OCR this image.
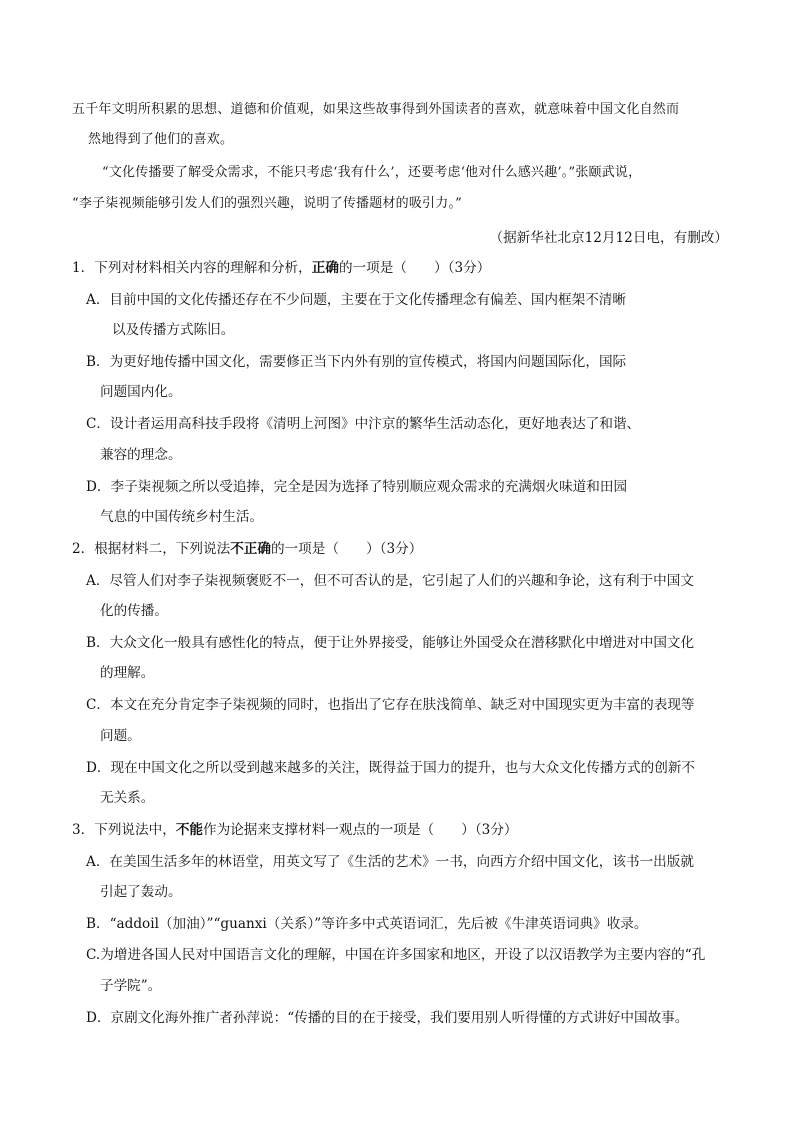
五千年文明所积累的思想、道德和价值观，如果这些故事得到外国读者的喜欢，就意味着中国文化自然而
然地得到了他们的喜欢。
“文化传播要了解受众需求，不能只考虑‘我有什么’，还要考虑‘他对什么感兴趣’。”张颐武说，
“李子柒视频能够引发人们的强烈兴趣，说明了传播题材的吸引力。”
（据新华社北京12月12日电，有删改）
1．下列对材料相关内容的理解和分析，正确的一项是（　　）（3分）
A．目前中国的文化传播还存在不少问题，主要在于文化传播理念有偏差、国内框架不清晰
以及传播方式陈旧。
B．为更好地传播中国文化，需要修正当下内外有别的宣传模式，将国内问题国际化，国际
问题国内化。
C．设计者运用高科技手段将《清明上河图》中汴京的繁华生活动态化，更好地表达了和谐、
兼容的理念。
D．李子柒视频之所以受追捧，完全是因为选择了特别顺应观众需求的充满烟火味道和田园
气息的中国传统乡村生活。
2．根据材料二，下列说法不正确的一项是（　　）（3分）
A．尽管人们对李子柒视频褒贬不一，但不可否认的是，它引起了人们的兴趣和争论，这有利于中国文
化的传播。
B．大众文化一般具有感性化的特点，便于让外界接受，能够让外国受众在潜移默化中增进对中国文化
的理解。
C．本文在充分肯定李子柒视频的同时，也指出了它存在肤浅简单、缺乏对中国现实更为丰富的表现等
问题。
D．现在中国文化之所以受到越来越多的关注，既得益于国力的提升，也与大众文化传播方式的创新不
无关系。
3．下列说法中，不能作为论据来支撑材料一观点的一项是（　　）（3分）
A．在美国生活多年的林语堂，用英文写了《生活的艺术》一书，向西方介绍中国文化，该书一出版就
引起了轰动。
B．“addoil（加油）”“guanxi（关系）”等许多中式英语词汇，先后被《牛津英语词典》收录。
C.为增进各国人民对中国语言文化的理解，中国在许多国家和地区，开设了以汉语教学为主要内容的“孔
子学院”。
D．京剧文化海外推广者孙萍说：“传播的目的在于接受，我们要用别人听得懂的方式讲好中国故事。
